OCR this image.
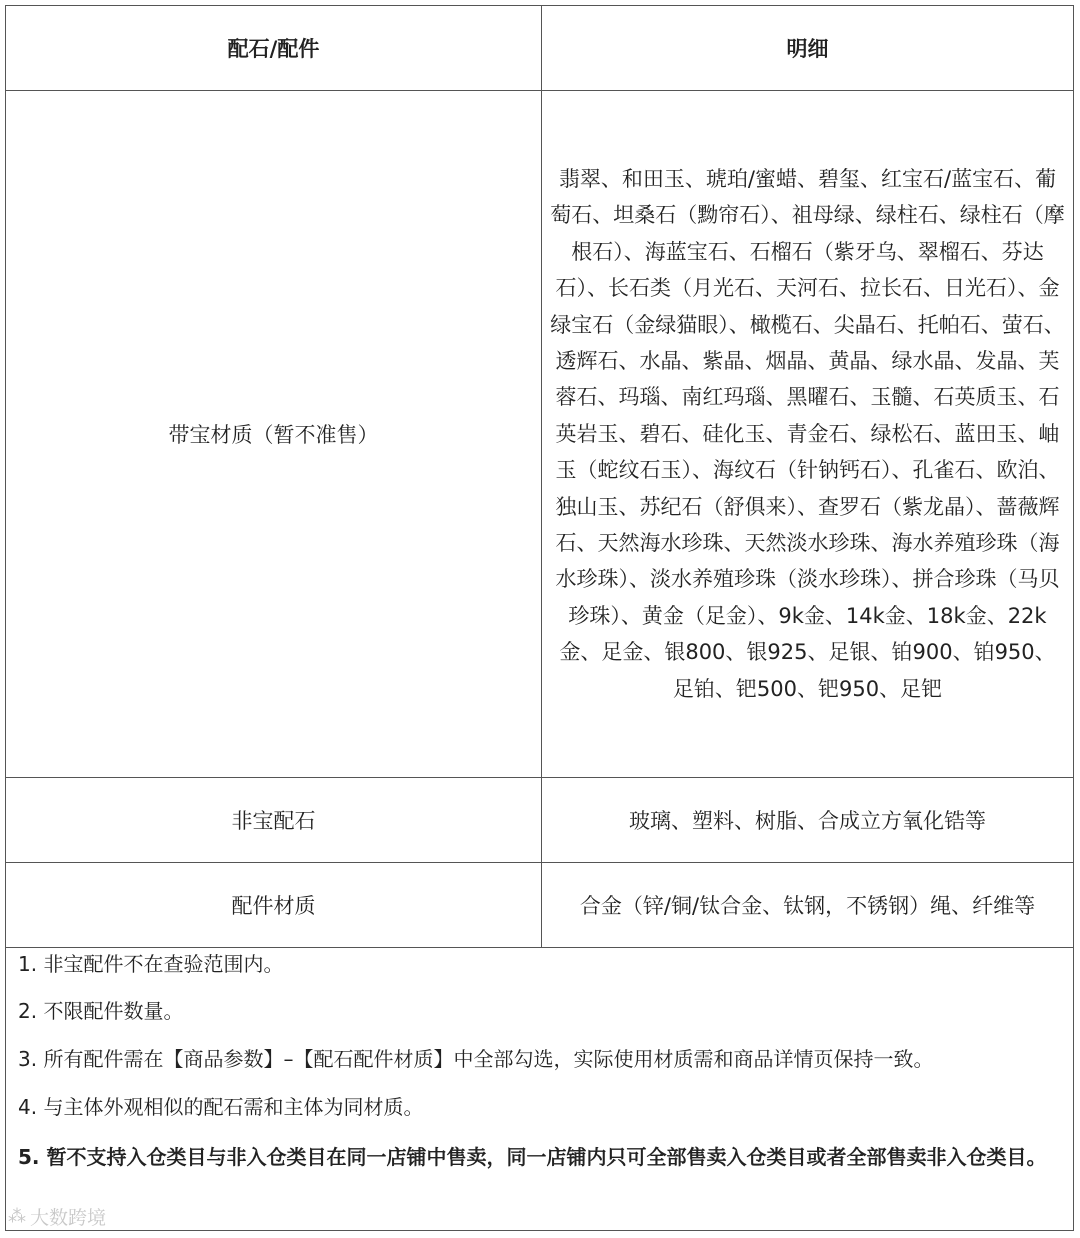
配石/配件	明细
带宝材质（暂不准售）	翡翠、和田玉、琥珀/蜜蜡、碧玺、红宝石/蓝宝石、葡萄石、坦桑石（黝帘石）、祖母绿、绿柱石、绿柱石（摩根石）、海蓝宝石、石榴石（紫牙乌、翠榴石、芬达石）、长石类（月光石、天河石、拉长石、日光石）、金绿宝石（金绿猫眼）、橄榄石、尖晶石、托帕石、萤石、透辉石、水晶、紫晶、烟晶、黄晶、绿水晶、发晶、芙蓉石、玛瑙、南红玛瑙、黑曜石、玉髓、石英质玉、石英岩玉、碧石、硅化玉、青金石、绿松石、蓝田玉、岫玉（蛇纹石玉）、海纹石（针钠钙石）、孔雀石、欧泊、独山玉、苏纪石（舒俱来）、查罗石（紫龙晶）、蔷薇辉石、天然海水珍珠、天然淡水珍珠、海水养殖珍珠（海水珍珠）、淡水养殖珍珠（淡水珍珠）、拼合珍珠（马贝珍珠）、黄金（足金）、9k金、14k金、18k金、22k金、足金、银800、银925、足银、铂900、铂950、足铂、钯500、钯950、足钯
非宝配石	玻璃、塑料、树脂、合成立方氧化锆等
配件材质	合金（锌/铜/钛合金、钛钢，不锈钢）绳、纤维等

1. 非宝配件不在查验范围内。

2. 不限配件数量。

3. 所有配件需在【商品参数】–【配石配件材质】中全部勾选，实际使用材质需和商品详情页保持一致。

4. 与主体外观相似的配石需和主体为同材质。

5. 暂不支持入仓类目与非入仓类目在同一店铺中售卖，同一店铺内只可全部售卖入仓类目或者全部售卖非入仓类目。

⁂ 大数跨境
